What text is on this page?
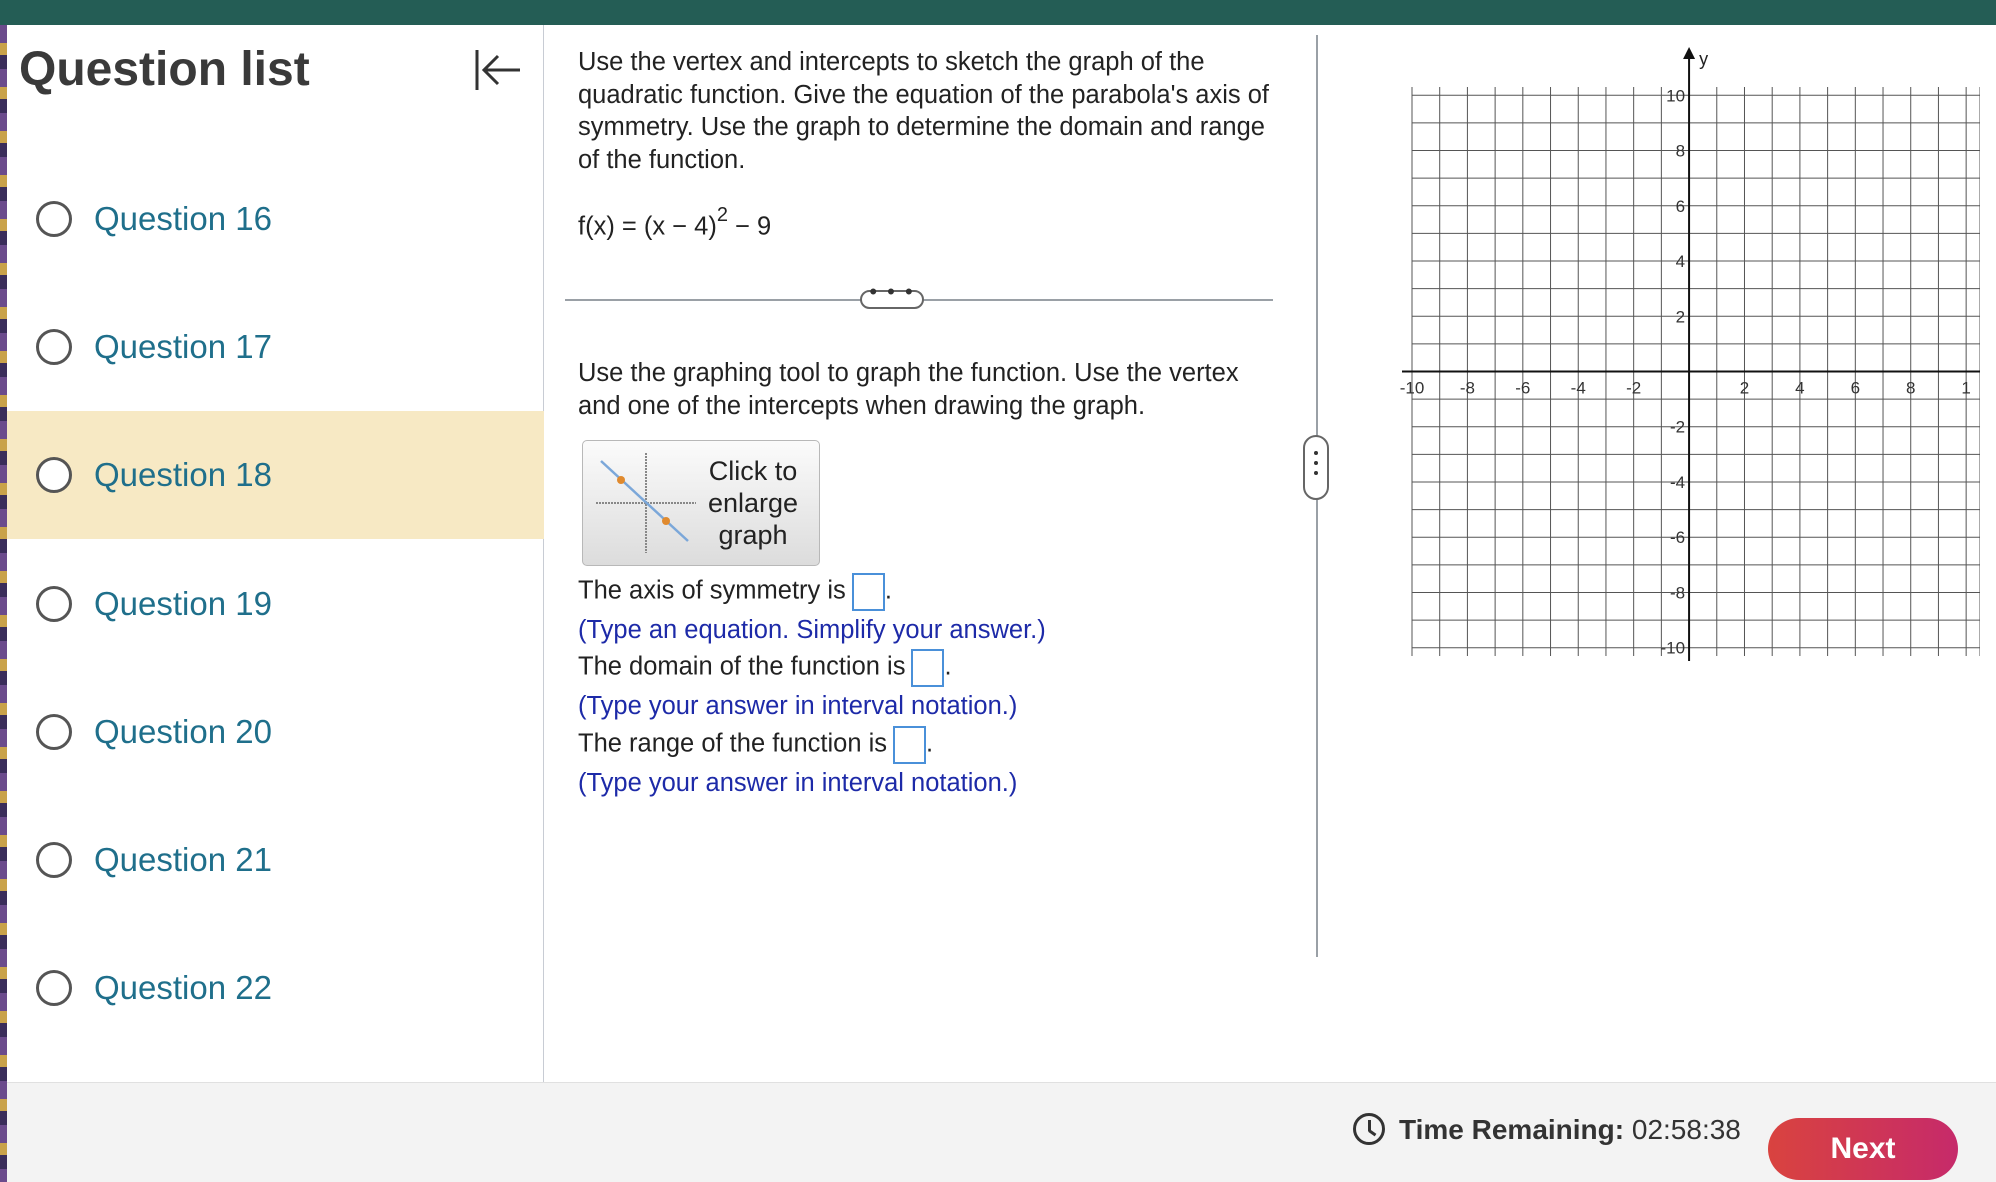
Question list
Question 16
Question 17
Question 18
Question 19
Question 20
Question 21
Question 22
Use the vertex and intercepts to sketch the graph of the quadratic function. Give the equation of the parabola's axis of symmetry. Use the graph to determine the domain and range of the function.
$f(x) = (x - 4)^2 - 9$
• • •
Use the graphing tool to graph the function. Use the vertex and one of the intercepts when drawing the graph.
Click to enlarge graph
The axis of symmetry is .
(Type an equation. Simplify your answer.)
The domain of the function is .
(Type your answer in interval notation.)
The range of the function is .
(Type your answer in interval notation.)
y
-10 -8 -6 -4 -2	2	4	6	8	1
10
8
6
4
2
-2
-4
-6
-8
-10
Time Remaining: 02:58:38
Next
